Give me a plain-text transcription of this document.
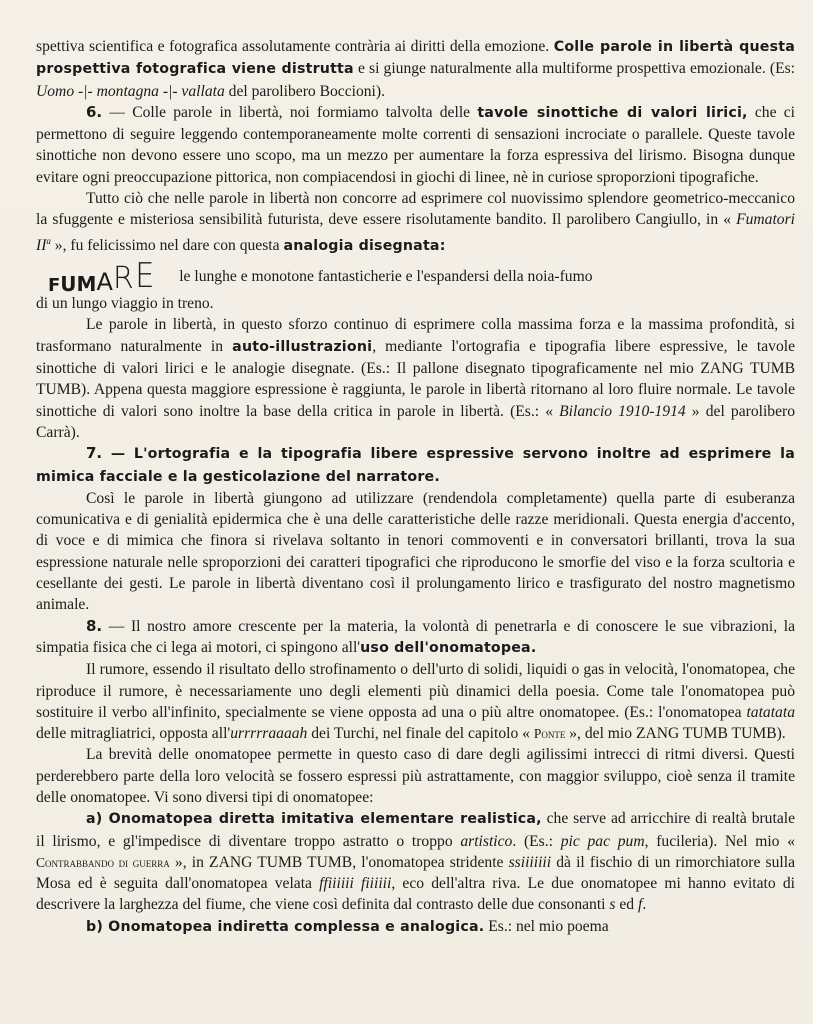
spettiva scientifica e fotografica assolutamente contrària ai diritti della emozione. Colle parole in libertà questa prospettiva fotografica viene distrutta e si giunge naturalmente alla multiforme prospettiva emozionale. (Es: Uomo -|- montagna -|- vallata del parolibero Boccioni).

6. — Colle parole in libertà, noi formiamo talvolta delle tavole sinottiche di valori lirici, che ci permettono di seguire leggendo contemporaneamente molte correnti di sensazioni incrociate o parallele. Queste tavole sinottiche non devono essere uno scopo, ma un mezzo per aumentare la forza espressiva del lirismo. Bisogna dunque evitare ogni preoccupazione pittorica, non compiacendosi in giochi di linee, nè in curiose sproporzioni tipografiche.

Tutto ciò che nelle parole in libertà non concorre ad esprimere col nuovissimo splendore geometrico-meccanico la sfuggente e misteriosa sensibilità futurista, deve essere risolutamente bandito. Il parolibero Cangiullo, in « Fumatori $II^a$ », fu felicissimo nel dare con questa analogia disegnata:

F U M A R E le lunghe e monotone fantasticherie e l'espandersi della noia-fumo

di un lungo viaggio in treno.

Le parole in libertà, in questo sforzo continuo di esprimere colla massima forza e la massima profondità, si trasformano naturalmente in auto-illustrazioni, mediante l'ortografia e tipografia libere espressive, le tavole sinottiche di valori lirici e le analogie disegnate. (Es.: Il pallone disegnato tipograficamente nel mio ZANG TUMB TUMB). Appena questa maggiore espressione è raggiunta, le parole in libertà ritornano al loro fluire normale. Le tavole sinottiche di valori sono inoltre la base della critica in parole in libertà. (Es.: « Bilancio 1910-1914 » del parolibero Carrà).

7. — L'ortografia e la tipografia libere espressive servono inoltre ad esprimere la mimica facciale e la gesticolazione del narratore.

Così le parole in libertà giungono ad utilizzare (rendendola completamente) quella parte di esuberanza comunicativa e di genialità epidermica che è una delle caratteristiche delle razze meridionali. Questa energia d'accento, di voce e di mimica che finora si rivelava soltanto in tenori commoventi e in conversatori brillanti, trova la sua espressione naturale nelle sproporzioni dei caratteri tipografici che riproducono le smorfie del viso e la forza scultoria e cesellante dei gesti. Le parole in libertà diventano così il prolungamento lirico e trasfigurato del nostro magnetismo animale.

8. — Il nostro amore crescente per la materia, la volontà di penetrarla e di conoscere le sue vibrazioni, la simpatia fisica che ci lega ai motori, ci spingono all'uso dell'onomatopea.

Il rumore, essendo il risultato dello strofinamento o dell'urto di solidi, liquidi o gas in velocità, l'onomatopea, che riproduce il rumore, è necessariamente uno degli elementi più dinamici della poesia. Come tale l'onomatopea può sostituire il verbo all'infinito, specialmente se viene opposta ad una o più altre onomatopee. (Es.: l'onomatopea tatatata delle mitragliatrici, opposta all'urrrrraaaah dei Turchi, nel finale del capitolo « Ponte », del mio ZANG TUMB TUMB).

La brevità delle onomatopee permette in questo caso di dare degli agilissimi intrecci di ritmi diversi. Questi perderebbero parte della loro velocità se fossero espressi più astrattamente, con maggior sviluppo, cioè senza il tramite delle onomatopee. Vi sono diversi tipi di onomatopee:

a) Onomatopea diretta imitativa elementare realistica, che serve ad arricchire di realtà brutale il lirismo, e gl'impedisce di diventare troppo astratto o troppo artistico. (Es.: pic pac pum, fucileria). Nel mio « Contrabbando di guerra », in ZANG TUMB TUMB, l'onomatopea stridente ssiiiiiii dà il fischio di un rimorchiatore sulla Mosa ed è seguita dall'onomatopea velata ffiiiiii fiiiiii, eco dell'altra riva. Le due onomatopee mi hanno evitato di descrivere la larghezza del fiume, che viene così definita dal contrasto delle due consonanti s ed f.

b) Onomatopea indiretta complessa e analogica. Es.: nel mio poema
